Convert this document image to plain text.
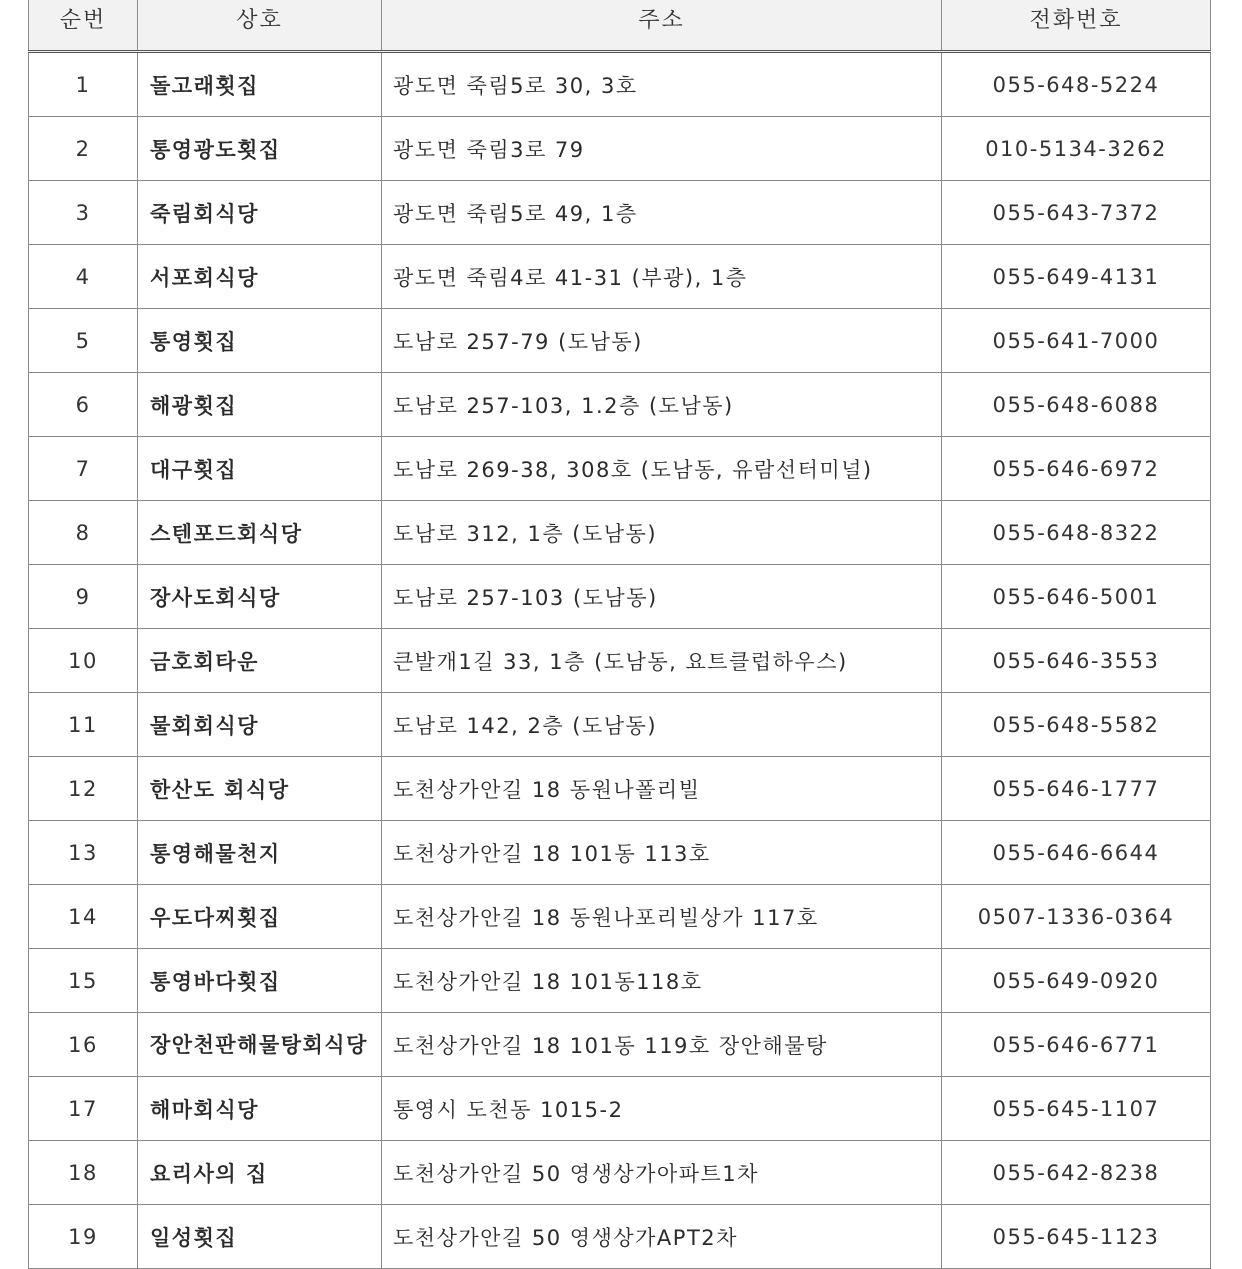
순번	상호	주소	전화번호
1	돌고래횟집	광도면 죽림5로 30, 3호	055-648-5224
2	통영광도횟집	광도면 죽림3로 79	010-5134-3262
3	죽림회식당	광도면 죽림5로 49, 1층	055-643-7372
4	서포회식당	광도면 죽림4로 41-31 (부광), 1층	055-649-4131
5	통영횟집	도남로 257-79 (도남동)	055-641-7000
6	해광횟집	도남로 257-103, 1.2층 (도남동)	055-648-6088
7	대구횟집	도남로 269-38, 308호 (도남동, 유람선터미널)	055-646-6972
8	스텐포드회식당	도남로 312, 1층 (도남동)	055-648-8322
9	장사도회식당	도남로 257-103 (도남동)	055-646-5001
10	금호회타운	큰발개1길 33, 1층 (도남동, 요트클럽하우스)	055-646-3553
11	물회회식당	도남로 142, 2층 (도남동)	055-648-5582
12	한산도 회식당	도천상가안길 18 동원나폴리빌	055-646-1777
13	통영해물천지	도천상가안길 18 101동 113호	055-646-6644
14	우도다찌횟집	도천상가안길 18 동원나포리빌상가 117호	0507-1336-0364
15	통영바다횟집	도천상가안길 18 101동118호	055-649-0920
16	장안천판해물탕회식당	도천상가안길 18 101동 119호 장안해물탕	055-646-6771
17	해마회식당	통영시 도천동 1015-2	055-645-1107
18	요리사의 집	도천상가안길 50 영생상가아파트1차	055-642-8238
19	일성횟집	도천상가안길 50 영생상가APT2차	055-645-1123
